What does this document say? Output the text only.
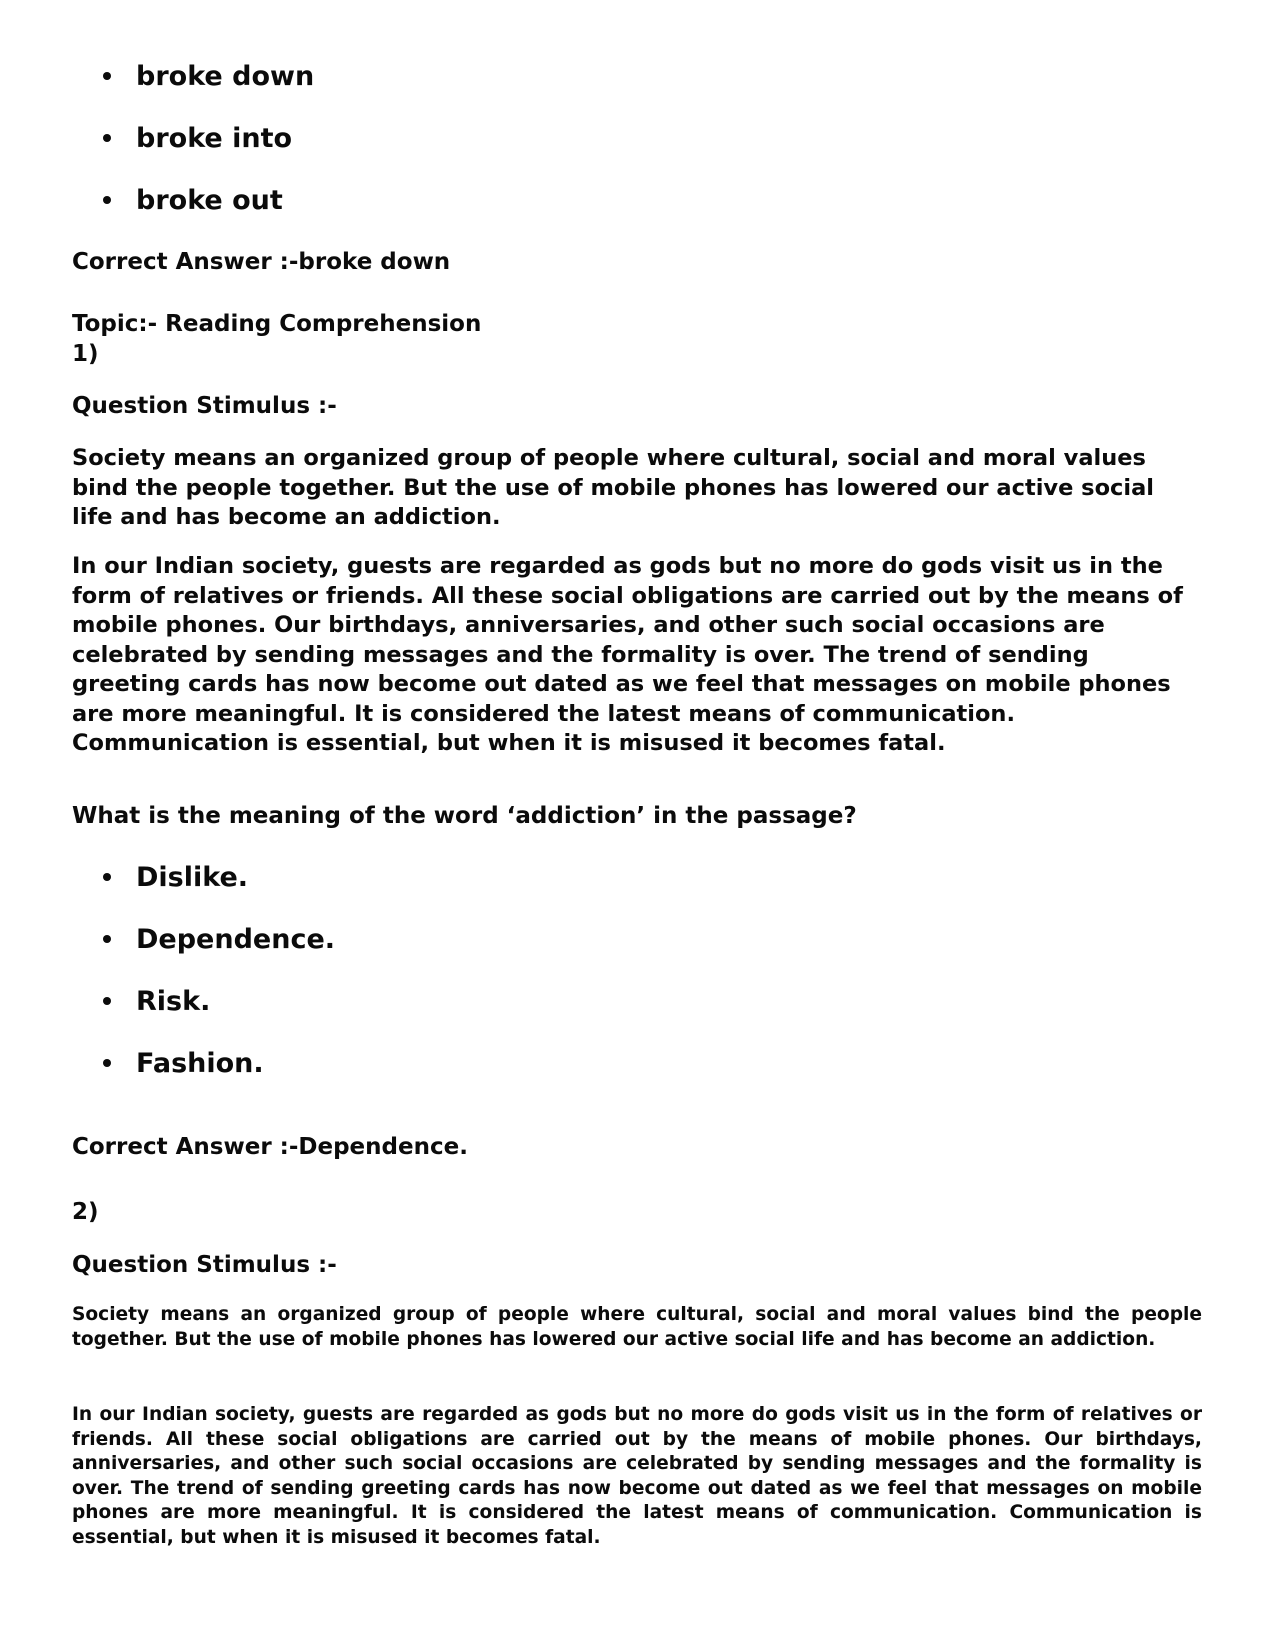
broke down
broke into
broke out
Correct Answer :-broke down
Topic:- Reading Comprehension
1)
Question Stimulus :-

Society means an organized group of people where cultural, social and moral values bind the people together. But the use of mobile phones has lowered our active social life and has become an addiction.

In our Indian society, guests are regarded as gods but no more do gods visit us in the form of relatives or friends. All these social obligations are carried out by the means of mobile phones. Our birthdays, anniversaries, and other such social occasions are celebrated by sending messages and the formality is over. The trend of sending greeting cards has now become out dated as we feel that messages on mobile phones are more meaningful. It is considered the latest means of communication. Communication is essential, but when it is misused it becomes fatal.

What is the meaning of the word ‘addiction’ in the passage?
Dislike.
Dependence.
Risk.
Fashion.
Correct Answer :-Dependence.
2)
Question Stimulus :-

Society means an organized group of people where cultural, social and moral values bind the people together. But the use of mobile phones has lowered our active social life and has become an addiction.

In our Indian society, guests are regarded as gods but no more do gods visit us in the form of relatives or friends. All these social obligations are carried out by the means of mobile phones. Our birthdays, anniversaries, and other such social occasions are celebrated by sending messages and the formality is over. The trend of sending greeting cards has now become out dated as we feel that messages on mobile phones are more meaningful. It is considered the latest means of communication. Communication is essential, but when it is misused it becomes fatal.
